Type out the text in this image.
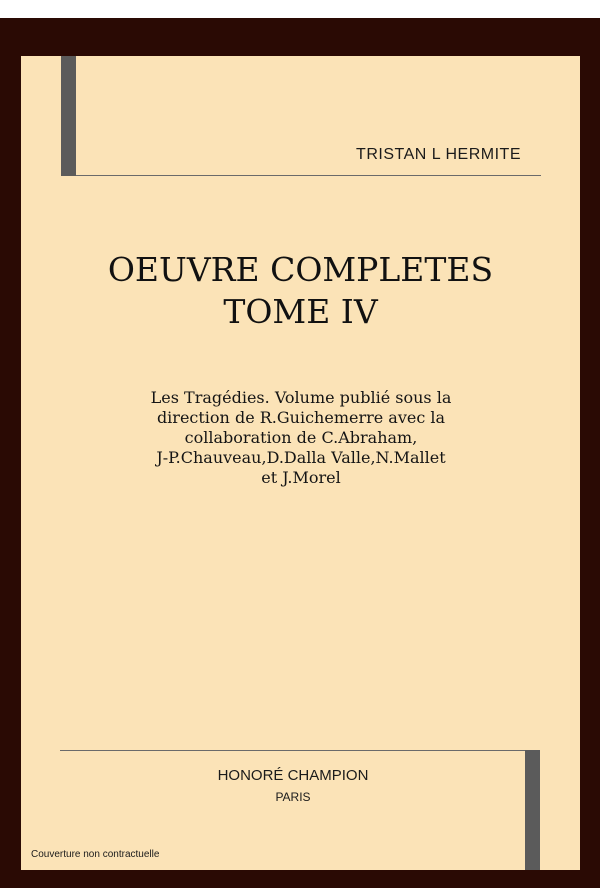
TRISTAN L HERMITE
OEUVRE COMPLETES
TOME IV
Les Tragédies. Volume publié sous la
direction de R.Guichemerre avec la
collaboration de C.Abraham,
J-P.Chauveau,D.Dalla Valle,N.Mallet
et J.Morel
HONORÉ CHAMPION
PARIS
Couverture non contractuelle
